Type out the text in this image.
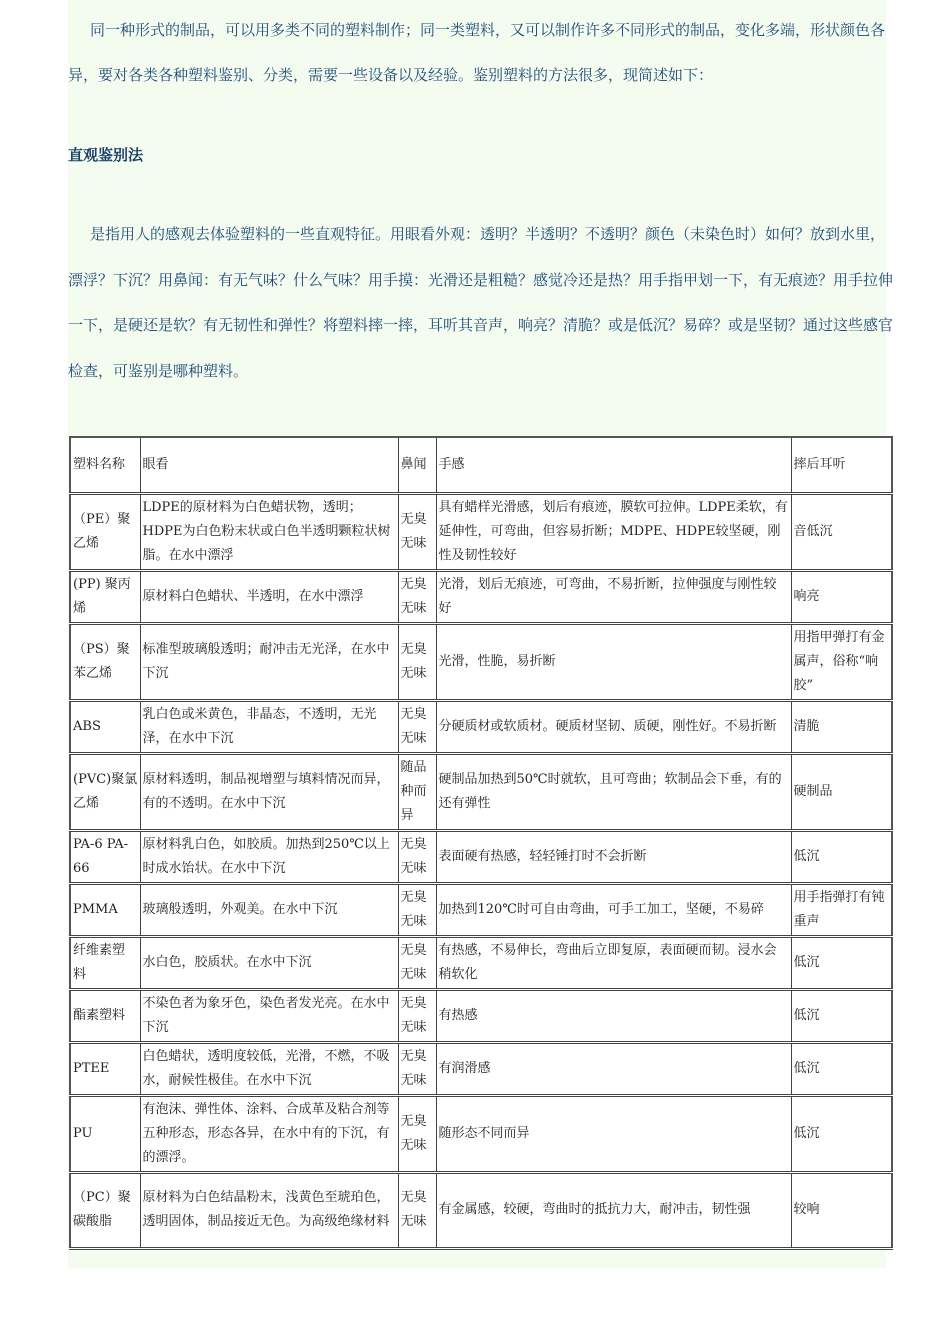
同一种形式的制品，可以用多类不同的塑料制作；同一类塑料，又可以制作许多不同形式的制品，变化多端，形状颜色各异，要对各类各种塑料鉴别、分类，需要一些设备以及经验。鉴别塑料的方法很多，现简述如下：

直观鉴别法

是指用人的感观去体验塑料的一些直观特征。用眼看外观：透明？半透明？不透明？颜色（未染色时）如何？放到水里，漂浮？下沉？用鼻闻：有无气味？什么气味？用手摸：光滑还是粗糙？感觉冷还是热？用手指甲划一下，有无痕迹？用手拉伸一下，是硬还是软？有无韧性和弹性？将塑料摔一摔，耳听其音声，响亮？清脆？或是低沉？易碎？或是坚韧？通过这些感官检查，可鉴别是哪种塑料。

塑料名称	眼看	鼻闻	手感	摔后耳听
（PE）聚乙烯	LDPE的原材料为白色蜡状物，透明；HDPE为白色粉末状或白色半透明颗粒状树脂。在水中漂浮	无臭无味	具有蜡样光滑感，划后有痕迹，膜软可拉伸。LDPE柔软，有延伸性，可弯曲，但容易折断；MDPE、HDPE较坚硬，刚性及韧性较好	音低沉
(PP) 聚丙烯	原材料白色蜡状、半透明，在水中漂浮	无臭无味	光滑，划后无痕迹，可弯曲，不易折断，拉伸强度与刚性较好	响亮
（PS）聚苯乙烯	标准型玻璃般透明；耐冲击无光泽，在水中下沉	无臭无味	光滑，性脆，易折断	用指甲弹打有金属声，俗称“响胶”
ABS	乳白色或米黄色，非晶态，不透明，无光泽，在水中下沉	无臭无味	分硬质材或软质材。硬质材坚韧、质硬，刚性好。不易折断	清脆
(PVC)聚氯乙烯	原材料透明，制品视增塑与填料情况而异，有的不透明。在水中下沉	随品种而异	硬制品加热到50℃时就软，且可弯曲；软制品会下垂，有的还有弹性	硬制品
PA-6 PA-66	原材料乳白色，如胶质。加热到250℃以上时成水饴状。在水中下沉	无臭无味	表面硬有热感，轻轻锤打时不会折断	低沉
PMMA	玻璃般透明，外观美。在水中下沉	无臭无味	加热到120℃时可自由弯曲，可手工加工，坚硬，不易碎	用手指弹打有钝重声
纤维素塑料	水白色，胶质状。在水中下沉	无臭无味	有热感，不易伸长，弯曲后立即复原，表面硬而韧。浸水会稍软化	低沉
酯素塑料	不染色者为象牙色，染色者发光亮。在水中下沉	无臭无味	有热感	低沉
PTEE	白色蜡状，透明度较低，光滑，不燃，不吸水，耐候性极佳。在水中下沉	无臭无味	有润滑感	低沉
PU	有泡沫、弹性体、涂料、合成革及粘合剂等五种形态，形态各异，在水中有的下沉，有的漂浮。	无臭无味	随形态不同而异	低沉
（PC）聚碳酸脂	原材料为白色结晶粉末，浅黄色至琥珀色，透明固体，制品接近无色。为高级绝缘材料	无臭无味	有金属感，较硬，弯曲时的抵抗力大，耐冲击，韧性强	较响
